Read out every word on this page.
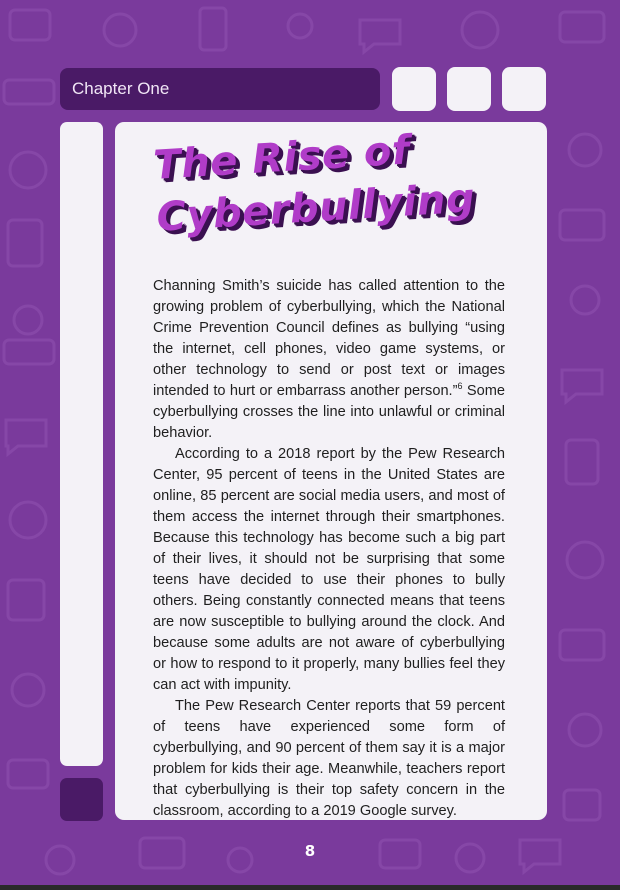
Chapter One
The Rise of
Cyberbullying

Channing Smith’s suicide has called attention to the growing problem of cyberbullying, which the National Crime Prevention Council defines as bullying “using the internet, cell phones, video game systems, or other technology to send or post text or images intended to hurt or embarrass another person.”$^6$ Some cyberbullying crosses the line into unlawful or criminal behavior.

According to a 2018 report by the Pew Research Center, 95 percent of teens in the United States are online, 85 percent are social media users, and most of them access the internet through their smartphones. Because this technology has become such a big part of their lives, it should not be surprising that some teens have decided to use their phones to bully others. Being constantly connected means that teens are now susceptible to bullying around the clock. And because some adults are not aware of cyberbullying or how to respond to it properly, many bullies feel they can act with impunity.

The Pew Research Center reports that 59 percent of teens have experienced some form of cyberbullying, and 90 percent of them say it is a major problem for kids their age. Meanwhile, teachers report that cyberbullying is their top safety concern in the classroom, according to a 2019 Google survey.

8
